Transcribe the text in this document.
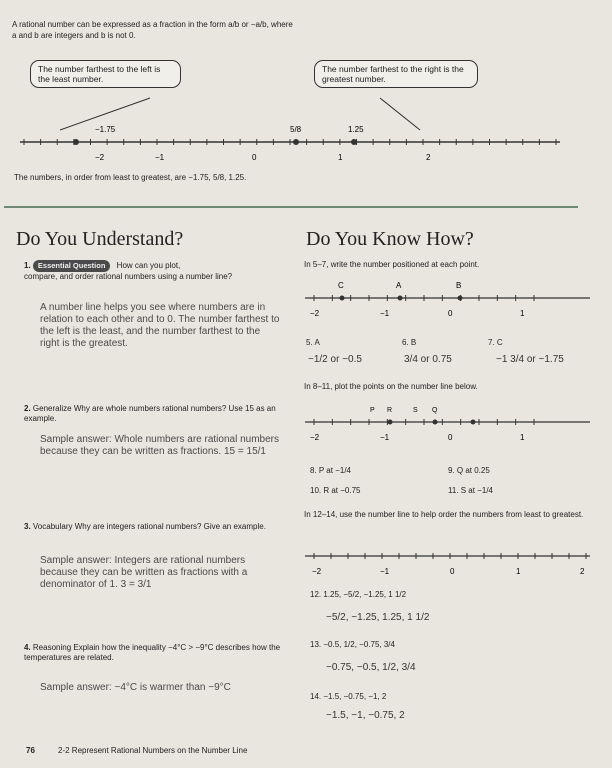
A rational number can be expressed as a fraction in the form a/b or −a/b, where
a and b are integers and b is not 0.
The number farthest to the left is the least number.
The number farthest to the right is the greatest number.
−1.75	5/8	1.25
−2	−1	0	1	2
The numbers, in order from least to greatest, are −1.75, 5/8, 1.25.
Do You Understand?	Do You Know How?
1. Essential Question How can you plot,
compare, and order rational numbers using a number line?
A number line helps you see where numbers are in relation to each other and to 0. The number farthest to the left is the least, and the number farthest to the right is the greatest.
2. Generalize Why are whole numbers rational numbers? Use 15 as an example.
Sample answer: Whole numbers are rational numbers because they can be written as fractions. 15 = 15/1
3. Vocabulary Why are integers rational numbers? Give an example.
Sample answer: Integers are rational numbers because they can be written as fractions with a denominator of 1. 3 = 3/1
4. Reasoning Explain how the inequality −4°C > −9°C describes how the temperatures are related.
Sample answer: −4°C is warmer than −9°C
In 5–7, write the number positioned at each point.
C	A	B
−2	−1	0	1
5. A	6. B	7. C
−1/2 or −0.5	3/4 or 0.75	−1 3/4 or −1.75
In 8–11, plot the points on the number line below.
P R	S Q
−2	−1	0	1
8. P at −1/4	9. Q at 0.25
10. R at −0.75	11. S at −1/4
In 12–14, use the number line to help order the numbers from least to greatest.
−2	−1	0	1	2
12. 1.25, −5/2, −1.25, 1 1/2
−5/2, −1.25, 1.25, 1 1/2
13. −0.5, 1/2, −0.75, 3/4
−0.75, −0.5, 1/2, 3/4
14. −1.5, −0.75, −1, 2
−1.5, −1, −0.75, 2
76	2-2 Represent Rational Numbers on the Number Line
